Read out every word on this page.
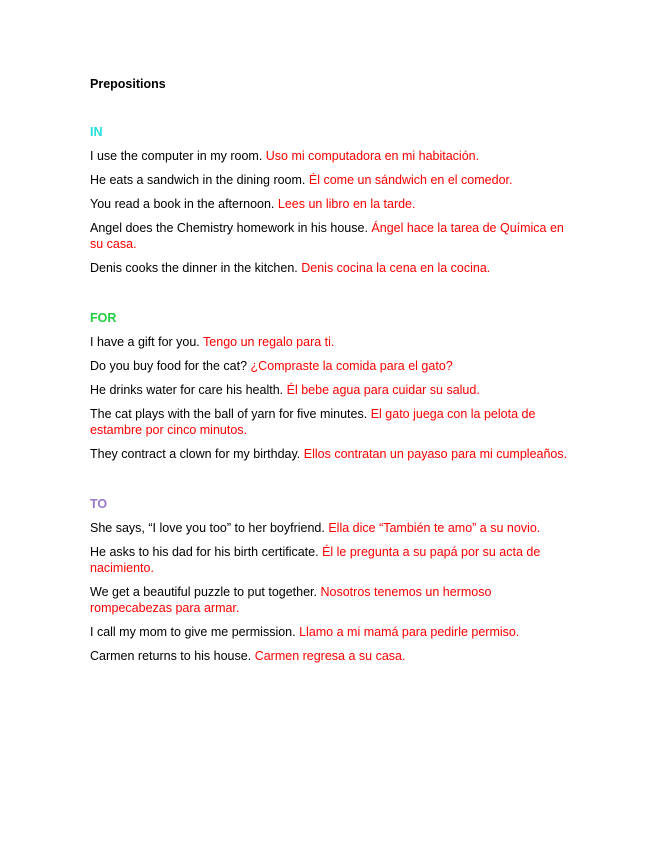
Prepositions

IN

I use the computer in my room. Uso mi computadora en mi habitación.

He eats a sandwich in the dining room. Él come un sándwich en el comedor.

You read a book in the afternoon. Lees un libro en la tarde.

Angel does the Chemistry homework in his house. Ángel hace la tarea de Química en su casa.

Denis cooks the dinner in the kitchen. Denis cocina la cena en la cocina.

FOR

I have a gift for you. Tengo un regalo para ti.

Do you buy food for the cat? ¿Compraste la comida para el gato?

He drinks water for care his health. Él bebe agua para cuidar su salud.

The cat plays with the ball of yarn for five minutes. El gato juega con la pelota de estambre por cinco minutos.

They contract a clown for my birthday. Ellos contratan un payaso para mi cumpleaños.

TO

She says, “I love you too” to her boyfriend. Ella dice “También te amo” a su novio.

He asks to his dad for his birth certificate. Él le pregunta a su papá por su acta de nacimiento.

We get a beautiful puzzle to put together. Nosotros tenemos un hermoso rompecabezas para armar.

I call my mom to give me permission. Llamo a mi mamá para pedirle permiso.

Carmen returns to his house. Carmen regresa a su casa.
